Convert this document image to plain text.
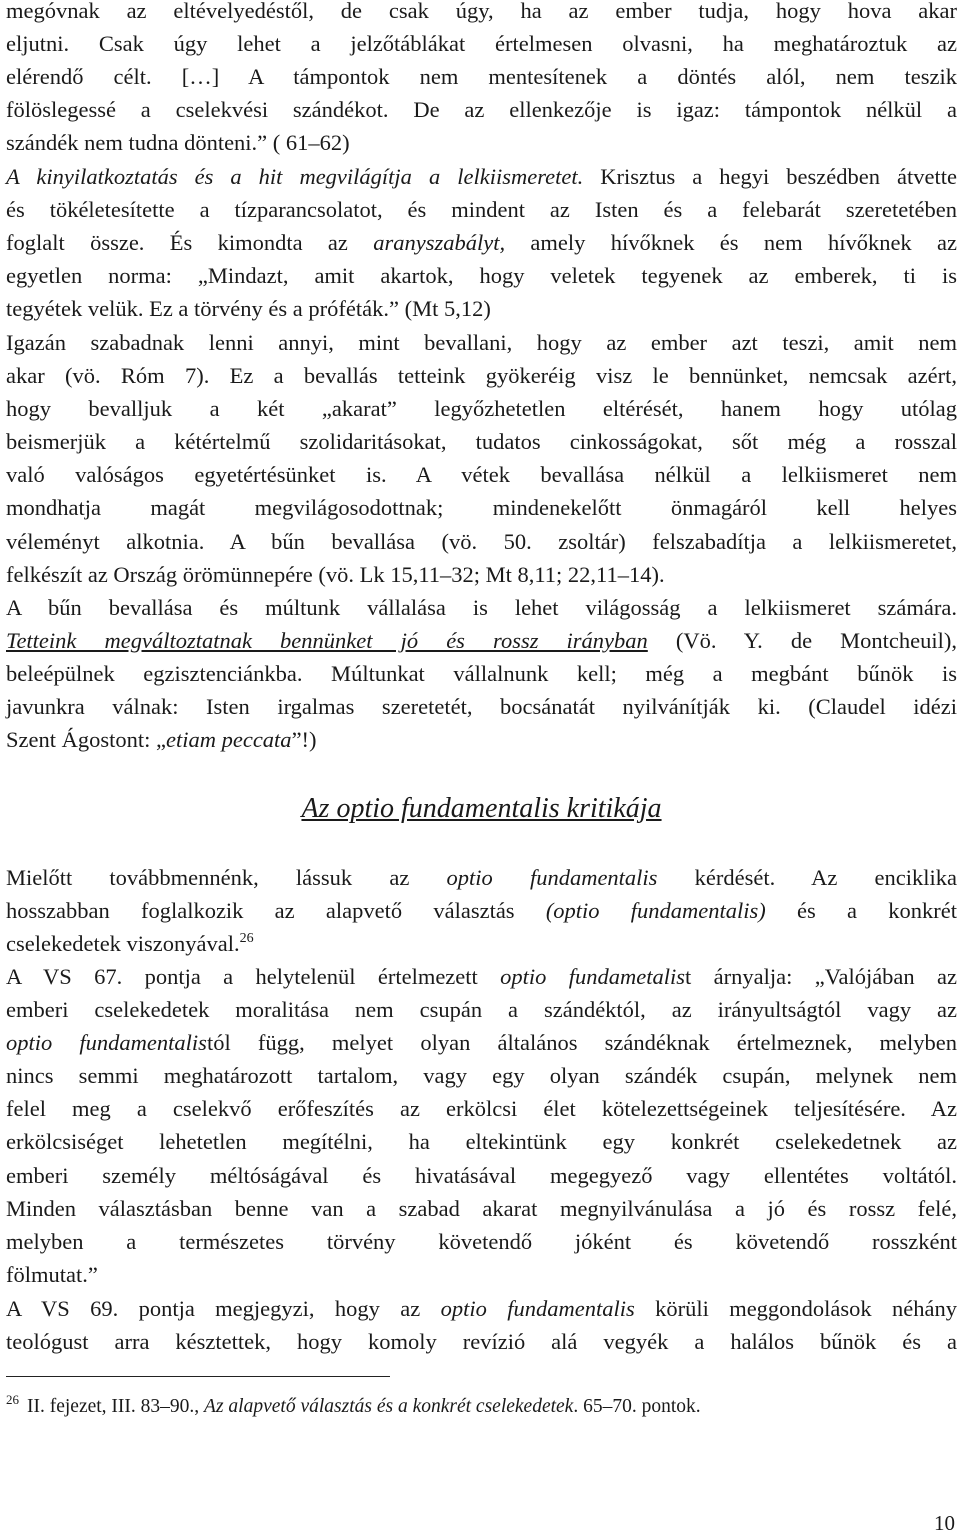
megóvnak az eltévelyedéstől, de csak úgy, ha az ember tudja, hogy hova akar
eljutni. Csak úgy lehet a jelzőtáblákat értelmesen olvasni, ha meghatároztuk az
elérendő célt. […] A támpontok nem mentesítenek a döntés alól, nem teszik
fölöslegessé a cselekvési szándékot. De az ellenkezője is igaz: támpontok nélkül a
szándék nem tudna dönteni.” ( 61–62)
A kinyilatkoztatás és a hit megvilágítja a lelkiismeretet. Krisztus a hegyi beszédben átvette
és tökéletesítette a tízparancsolatot, és mindent az Isten és a felebarát szeretetében
foglalt össze. És kimondta az aranyszabályt, amely hívőknek és nem hívőknek az
egyetlen norma: „Mindazt, amit akartok, hogy veletek tegyenek az emberek, ti is
tegyétek velük. Ez a törvény és a próféták.” (Mt 5,12)
Igazán szabadnak lenni annyi, mint bevallani, hogy az ember azt teszi, amit nem
akar (vö. Róm 7). Ez a bevallás tetteink gyökeréig visz le bennünket, nemcsak azért,
hogy bevalljuk a két „akarat” legyőzhetetlen eltérését, hanem hogy utólag
beismerjük a kétértelmű szolidaritásokat, tudatos cinkosságokat, sőt még a rosszal
való valóságos egyetértésünket is. A vétek bevallása nélkül a lelkiismeret nem
mondhatja magát megvilágosodottnak; mindenekelőtt önmagáról kell helyes
véleményt alkotnia. A bűn bevallása (vö. 50. zsoltár) felszabadítja a lelkiismeretet,
felkészít az Ország örömünnepére (vö. Lk 15,11–32; Mt 8,11; 22,11–14).
A bűn bevallása és múltunk vállalása is lehet világosság a lelkiismeret számára.
Tetteink megváltoztatnak bennünket jó és rossz irányban (Vö. Y. de Montcheuil),
beleépülnek egzisztenciánkba. Múltunkat vállalnunk kell; még a megbánt bűnök is
javunkra válnak: Isten irgalmas szeretetét, bocsánatát nyilvánítják ki. (Claudel idézi
Szent Ágostont: „etiam peccata”!)
Az optio fundamentalis kritikája
Mielőtt továbbmennénk, lássuk az optio fundamentalis kérdését. Az enciklika
hosszabban foglalkozik az alapvető választás (optio fundamentalis) és a konkrét
cselekedetek viszonyával.$^{26}$
A VS 67. pontja a helytelenül értelmezett optio fundametalist árnyalja: „Valójában az
emberi cselekedetek moralitása nem csupán a szándéktól, az irányultságtól vagy az
optio fundamentalistól függ, melyet olyan általános szándéknak értelmeznek, melyben
nincs semmi meghatározott tartalom, vagy egy olyan szándék csupán, melynek nem
felel meg a cselekvő erőfeszítés az erkölcsi élet kötelezettségeinek teljesítésére. Az
erkölcsiséget lehetetlen megítélni, ha eltekintünk egy konkrét cselekedetnek az
emberi személy méltóságával és hivatásával megegyező vagy ellentétes voltától.
Minden választásban benne van a szabad akarat megnyilvánulása a jó és rossz felé,
melyben a természetes törvény követendő jóként és követendő rosszként
fölmutat.”
A VS 69. pontja megjegyzi, hogy az optio fundamentalis körüli meggondolások néhány
teológust arra késztettek, hogy komoly revízió alá vegyék a halálos bűnök és a
$^{26}$ II. fejezet, III. 83–90., Az alapvető választás és a konkrét cselekedetek. 65–70. pontok.
10
